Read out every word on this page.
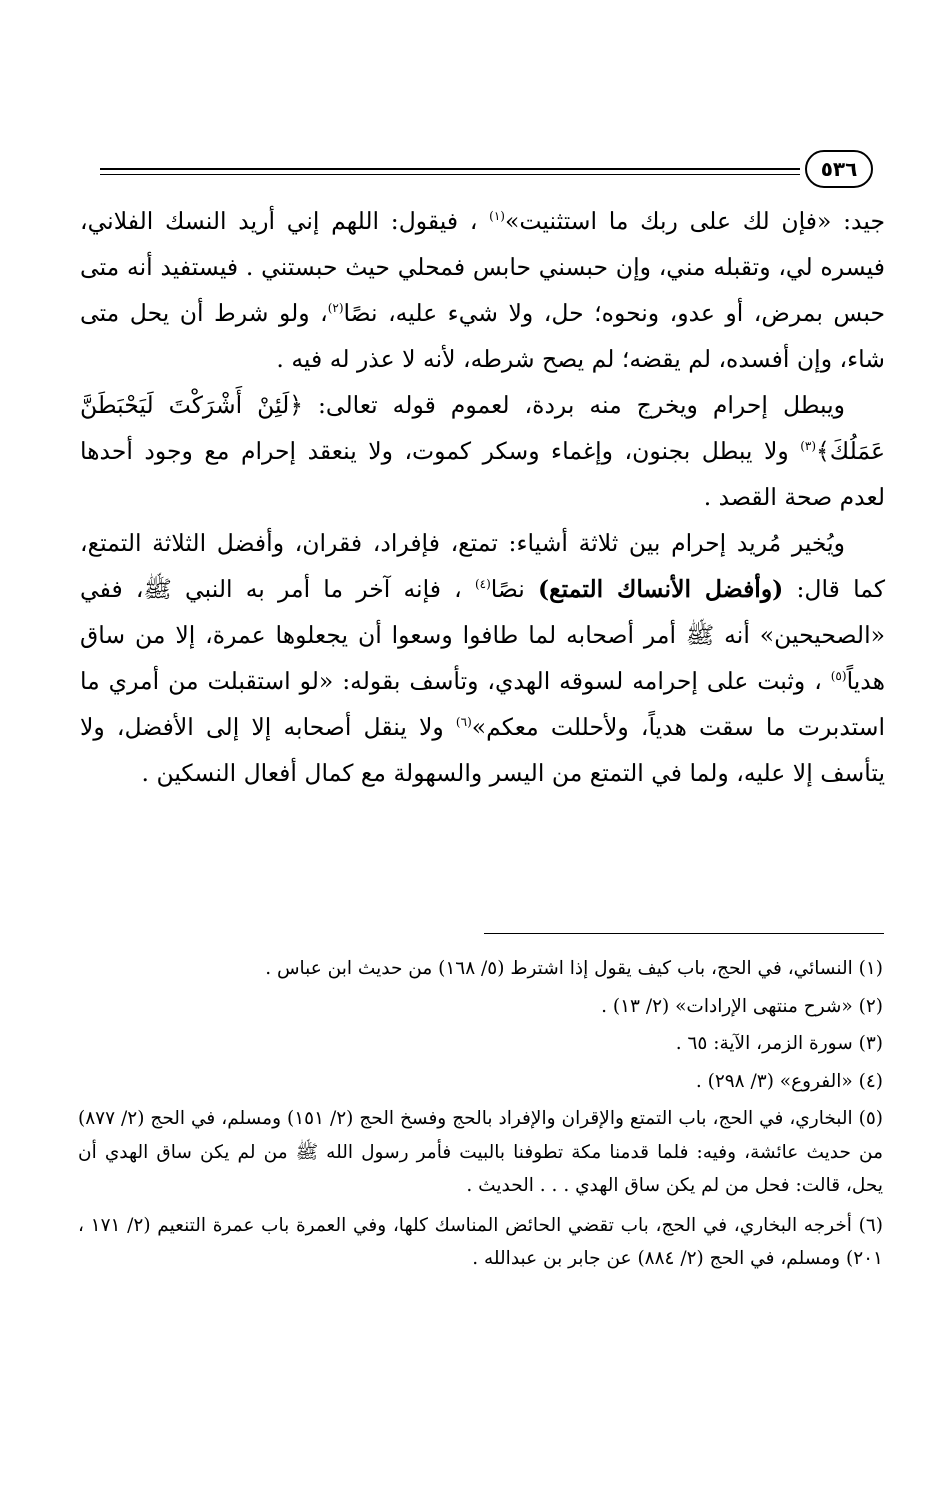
٥٣٦

جيد: «فإن لك على ربك ما استثنيت»$^{(١)}$ ، فيقول: اللهم إني أريد النسك الفلاني، فيسره لي، وتقبله مني، وإن حبسني حابس فمحلي حيث حبستني . فيستفيد أنه متى حبس بمرض، أو عدو، ونحوه؛ حل، ولا شيء عليه، نصًا$^{(٢)}$، ولو شرط أن يحل متى شاء، وإن أفسده، لم يقضه؛ لم يصح شرطه، لأنه لا عذر له فيه .

ويبطل إحرام ويخرج منه بردة، لعموم قوله تعالى: ﴿لَئِنْ أَشْرَكْتَ لَيَحْبَطَنَّ عَمَلُكَ﴾$^{(٣)}$ ولا يبطل بجنون، وإغماء وسكر كموت، ولا ينعقد إحرام مع وجود أحدها لعدم صحة القصد .

ويُخير مُريد إحرام بين ثلاثة أشياء: تمتع، فإفراد، فقران، وأفضل الثلاثة التمتع، كما قال: (وأفضل الأنساك التمتع) نصًا$^{(٤)}$ ، فإنه آخر ما أمر به النبي ﷺ، ففي «الصحيحين» أنه ﷺ أمر أصحابه لما طافوا وسعوا أن يجعلوها عمرة، إلا من ساق هدياً$^{(٥)}$ ، وثبت على إحرامه لسوقه الهدي، وتأسف بقوله: «لو استقبلت من أمري ما استدبرت ما سقت هدياً، ولأحللت معكم»$^{(٦)}$ ولا ينقل أصحابه إلا إلى الأفضل، ولا يتأسف إلا عليه، ولما في التمتع من اليسر والسهولة مع كمال أفعال النسكين .

(١) النسائي، في الحج، باب كيف يقول إذا اشترط (٥/ ١٦٨) من حديث ابن عباس .

(٢) «شرح منتهى الإرادات» (٢/ ١٣) .

(٣) سورة الزمر، الآية: ٦٥ .

(٤) «الفروع» (٣/ ٢٩٨) .

(٥) البخاري، في الحج، باب التمتع والإقران والإفراد بالحج وفسخ الحج (٢/ ١٥١) ومسلم، في الحج (٢/ ٨٧٧) من حديث عائشة، وفيه: فلما قدمنا مكة تطوفنا بالبيت فأمر رسول الله ﷺ من لم يكن ساق الهدي أن يحل، قالت: فحل من لم يكن ساق الهدي . . . الحديث .

(٦) أخرجه البخاري، في الحج، باب تقضي الحائض المناسك كلها، وفي العمرة باب عمرة التنعيم (٢/ ١٧١ ، ٢٠١) ومسلم، في الحج (٢/ ٨٨٤) عن جابر بن عبدالله .
